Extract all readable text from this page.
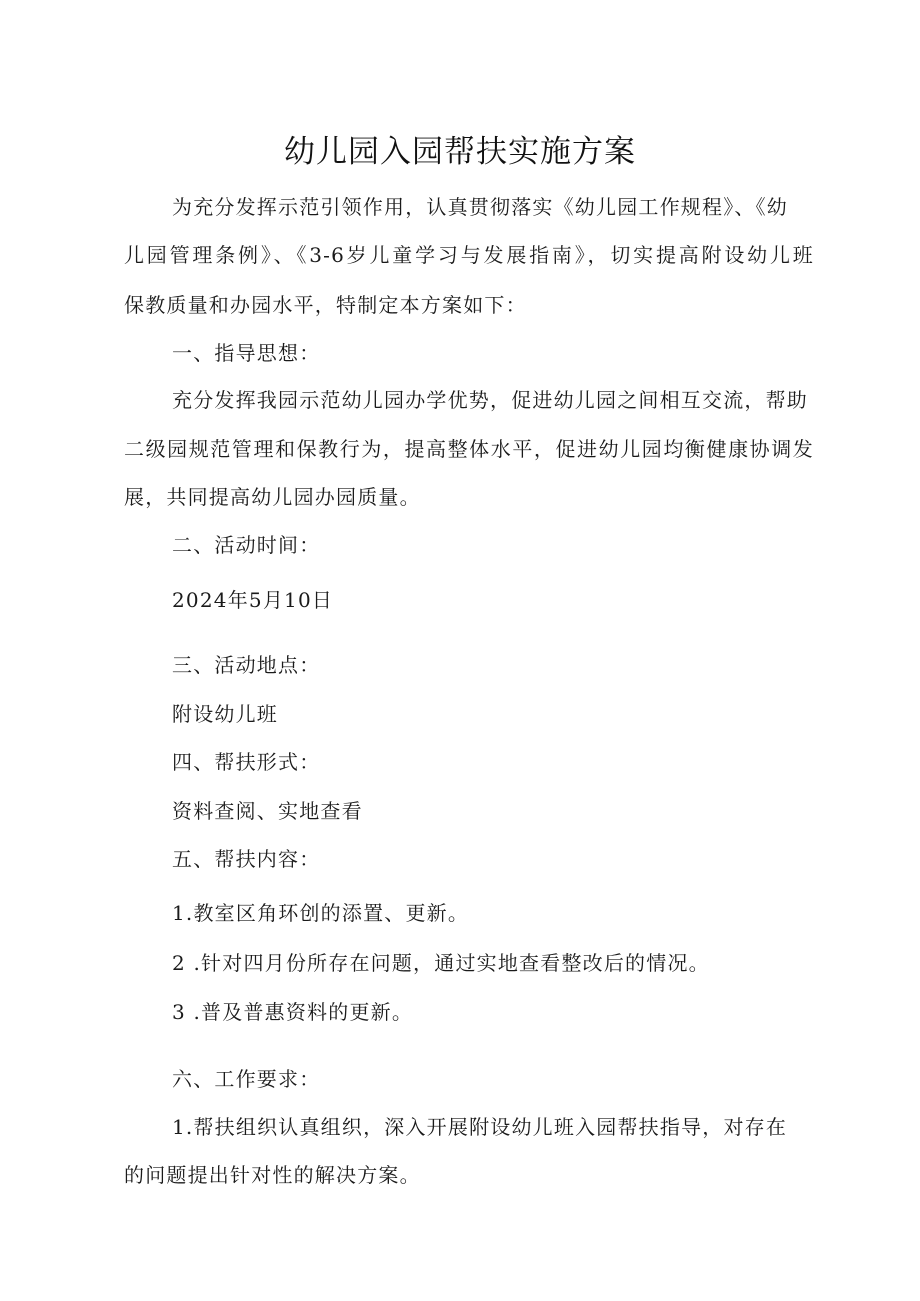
幼儿园入园帮扶实施方案
为充分发挥示范引领作用，认真贯彻落实《幼儿园工作规程》、《幼
儿园管理条例》、《3-6岁儿童学习与发展指南》，切实提高附设幼儿班
保教质量和办园水平，特制定本方案如下：
一、指导思想：
充分发挥我园示范幼儿园办学优势，促进幼儿园之间相互交流，帮助
二级园规范管理和保教行为，提高整体水平，促进幼儿园均衡健康协调发
展，共同提高幼儿园办园质量。
二、活动时间：
2024年5月10日
三、活动地点：
附设幼儿班
四、帮扶形式：
资料查阅、实地查看
五、帮扶内容：
1.教室区角环创的添置、更新。
2 .针对四月份所存在问题，通过实地查看整改后的情况。
3 .普及普惠资料的更新。
六、工作要求：
1.帮扶组织认真组织，深入开展附设幼儿班入园帮扶指导，对存在
的问题提出针对性的解决方案。
